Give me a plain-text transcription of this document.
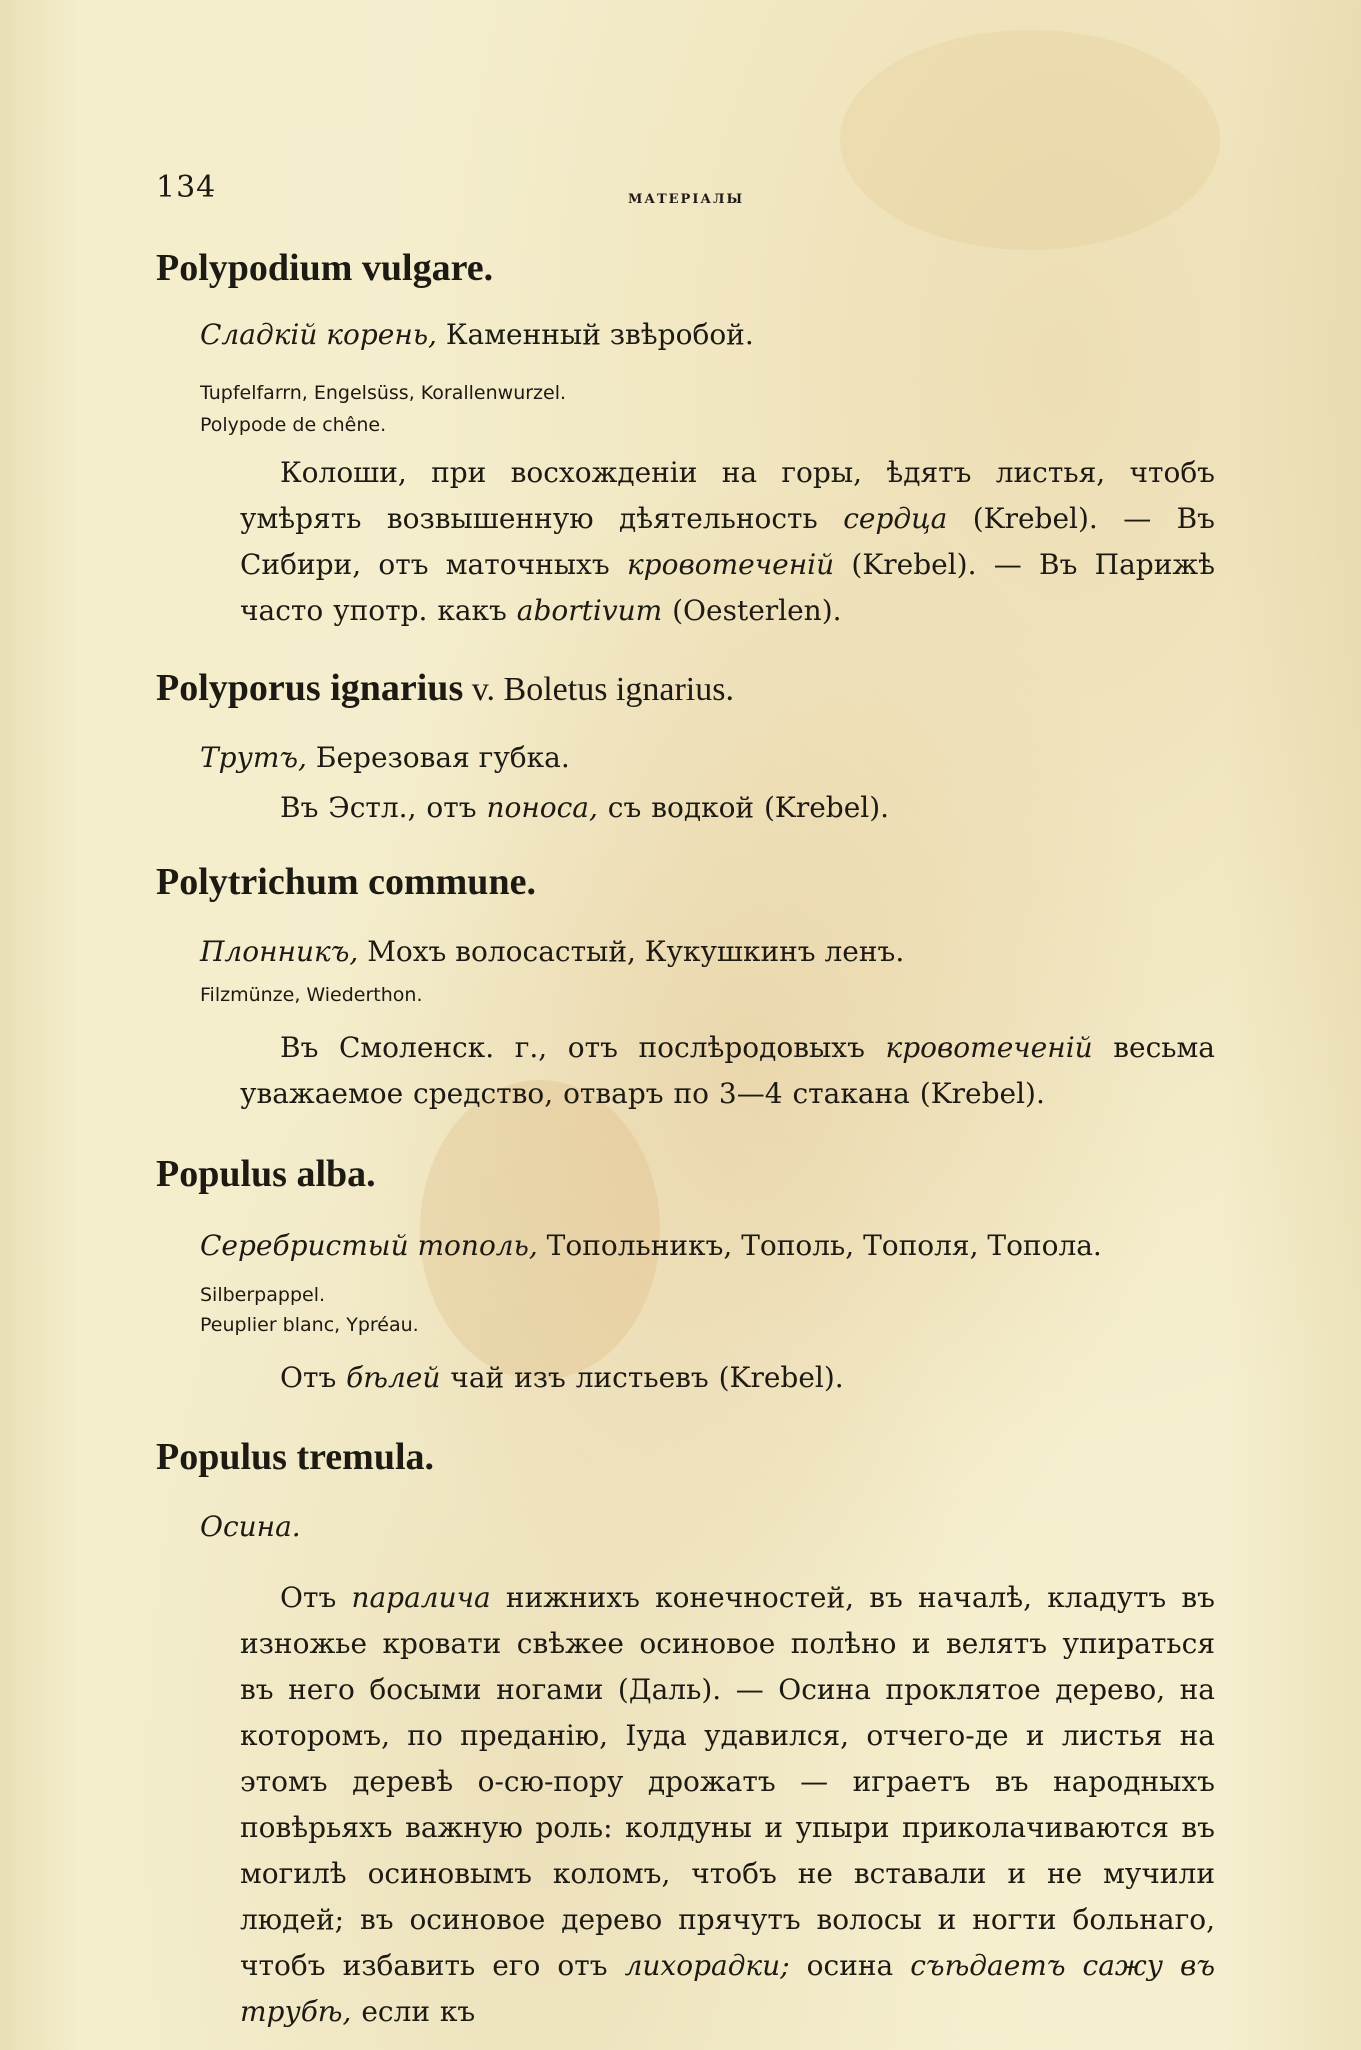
134	МАТЕРІАЛЫ
Polypodium vulgare.
Сладкій корень, Каменный звѣробой.
Tupfelfarrn, Engelsüss, Korallenwurzel.
Polypode de chêne.
Колоши, при восхожденіи на горы, ѣдятъ листья, чтобъ умѣрять возвышенную дѣятельность сердца (Krebel). — Въ Сибири, отъ маточныхъ кровотеченій (Krebel). — Въ Парижѣ часто употр. какъ abortivum (Oesterlen).
Polyporus ignarius v. Boletus ignarius.
Трутъ, Березовая губка.
Въ Эстл., отъ поноса, съ водкой (Krebel).
Polytrichum commune.
Плонникъ, Мохъ волосастый, Кукушкинъ ленъ.
Filzmünze, Wiederthon.
Въ Смоленск. г., отъ послѣродовыхъ кровотеченій весьма уважаемое средство, отваръ по 3—4 стакана (Krebel).
Populus alba.
Серебристый тополь, Топольникъ, Тополь, Тополя, Топола.
Silberpappel.
Peuplier blanc, Ypréau.
Отъ бѣлей чай изъ листьевъ (Krebel).
Populus tremula.
Осина.
Отъ паралича нижнихъ конечностей, въ началѣ, кладутъ въ изножье кровати свѣжее осиновое полѣно и велятъ упираться въ него босыми ногами (Даль). — Осина проклятое дерево, на которомъ, по преданію, Іуда удавился, отчего-де и листья на этомъ деревѣ о-сю-пору дрожатъ — играетъ въ народныхъ повѣрьяхъ важную роль: колдуны и упыри приколачиваются въ могилѣ осиновымъ коломъ, чтобъ не вставали и не мучили людей; въ осиновое дерево прячутъ волосы и ногти больнаго, чтобъ избавить его отъ лихорадки; осина съѣдаетъ сажу въ трубѣ, если къ
